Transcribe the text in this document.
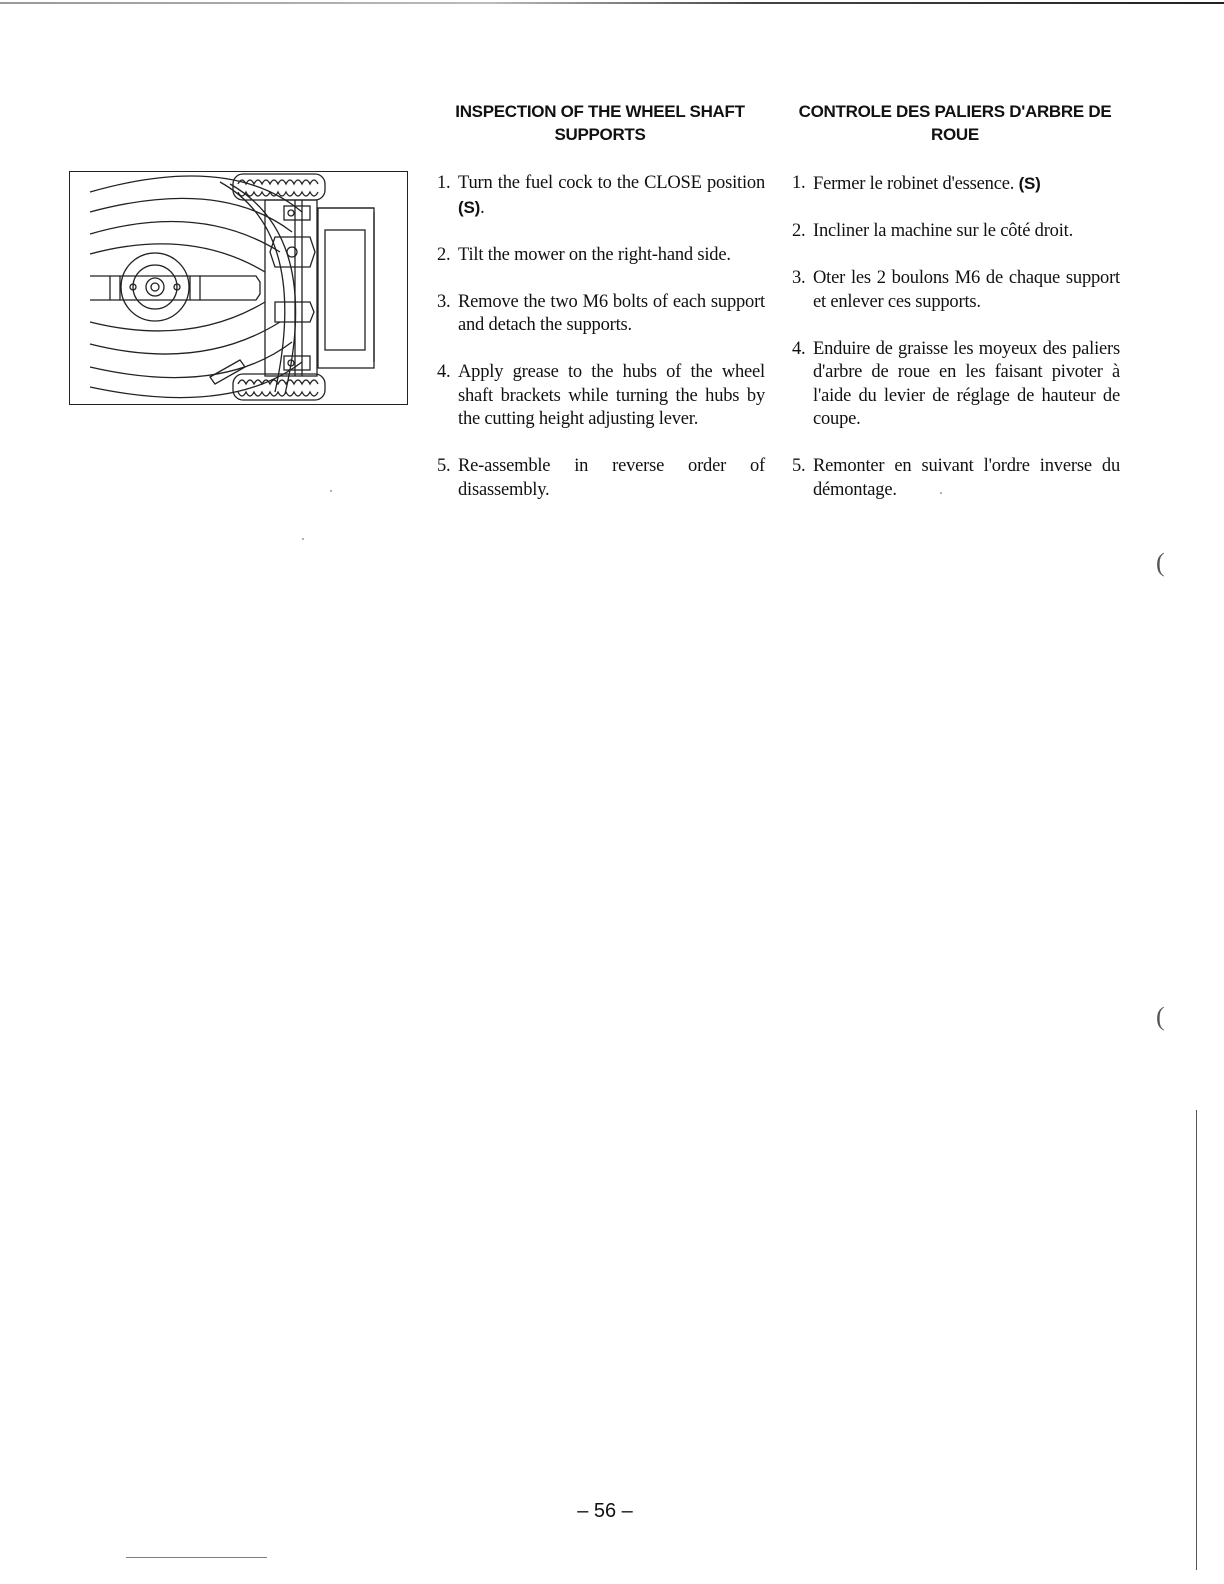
INSPECTION OF THE WHEEL SHAFT SUPPORTS
1. Turn the fuel cock to the CLOSE position (S).
2. Tilt the mower on the right-hand side.
3. Remove the two M6 bolts of each support and detach the supports.
4. Apply grease to the hubs of the wheel shaft brackets while turning the hubs by the cutting height adjusting lever.
5. Re-assemble in reverse order of disassembly.
CONTROLE DES PALIERS D'ARBRE DE ROUE
1. Fermer le robinet d'essence. (S)
2. Incliner la machine sur le côté droit.
3. Oter les 2 boulons M6 de chaque support et enlever ces supports.
4. Enduire de graisse les moyeux des paliers d'arbre de roue en les faisant pivoter à l'aide du levier de réglage de hauteur de coupe.
5. Remonter en suivant l'ordre inverse du démontage.
(
(
– 56 –
